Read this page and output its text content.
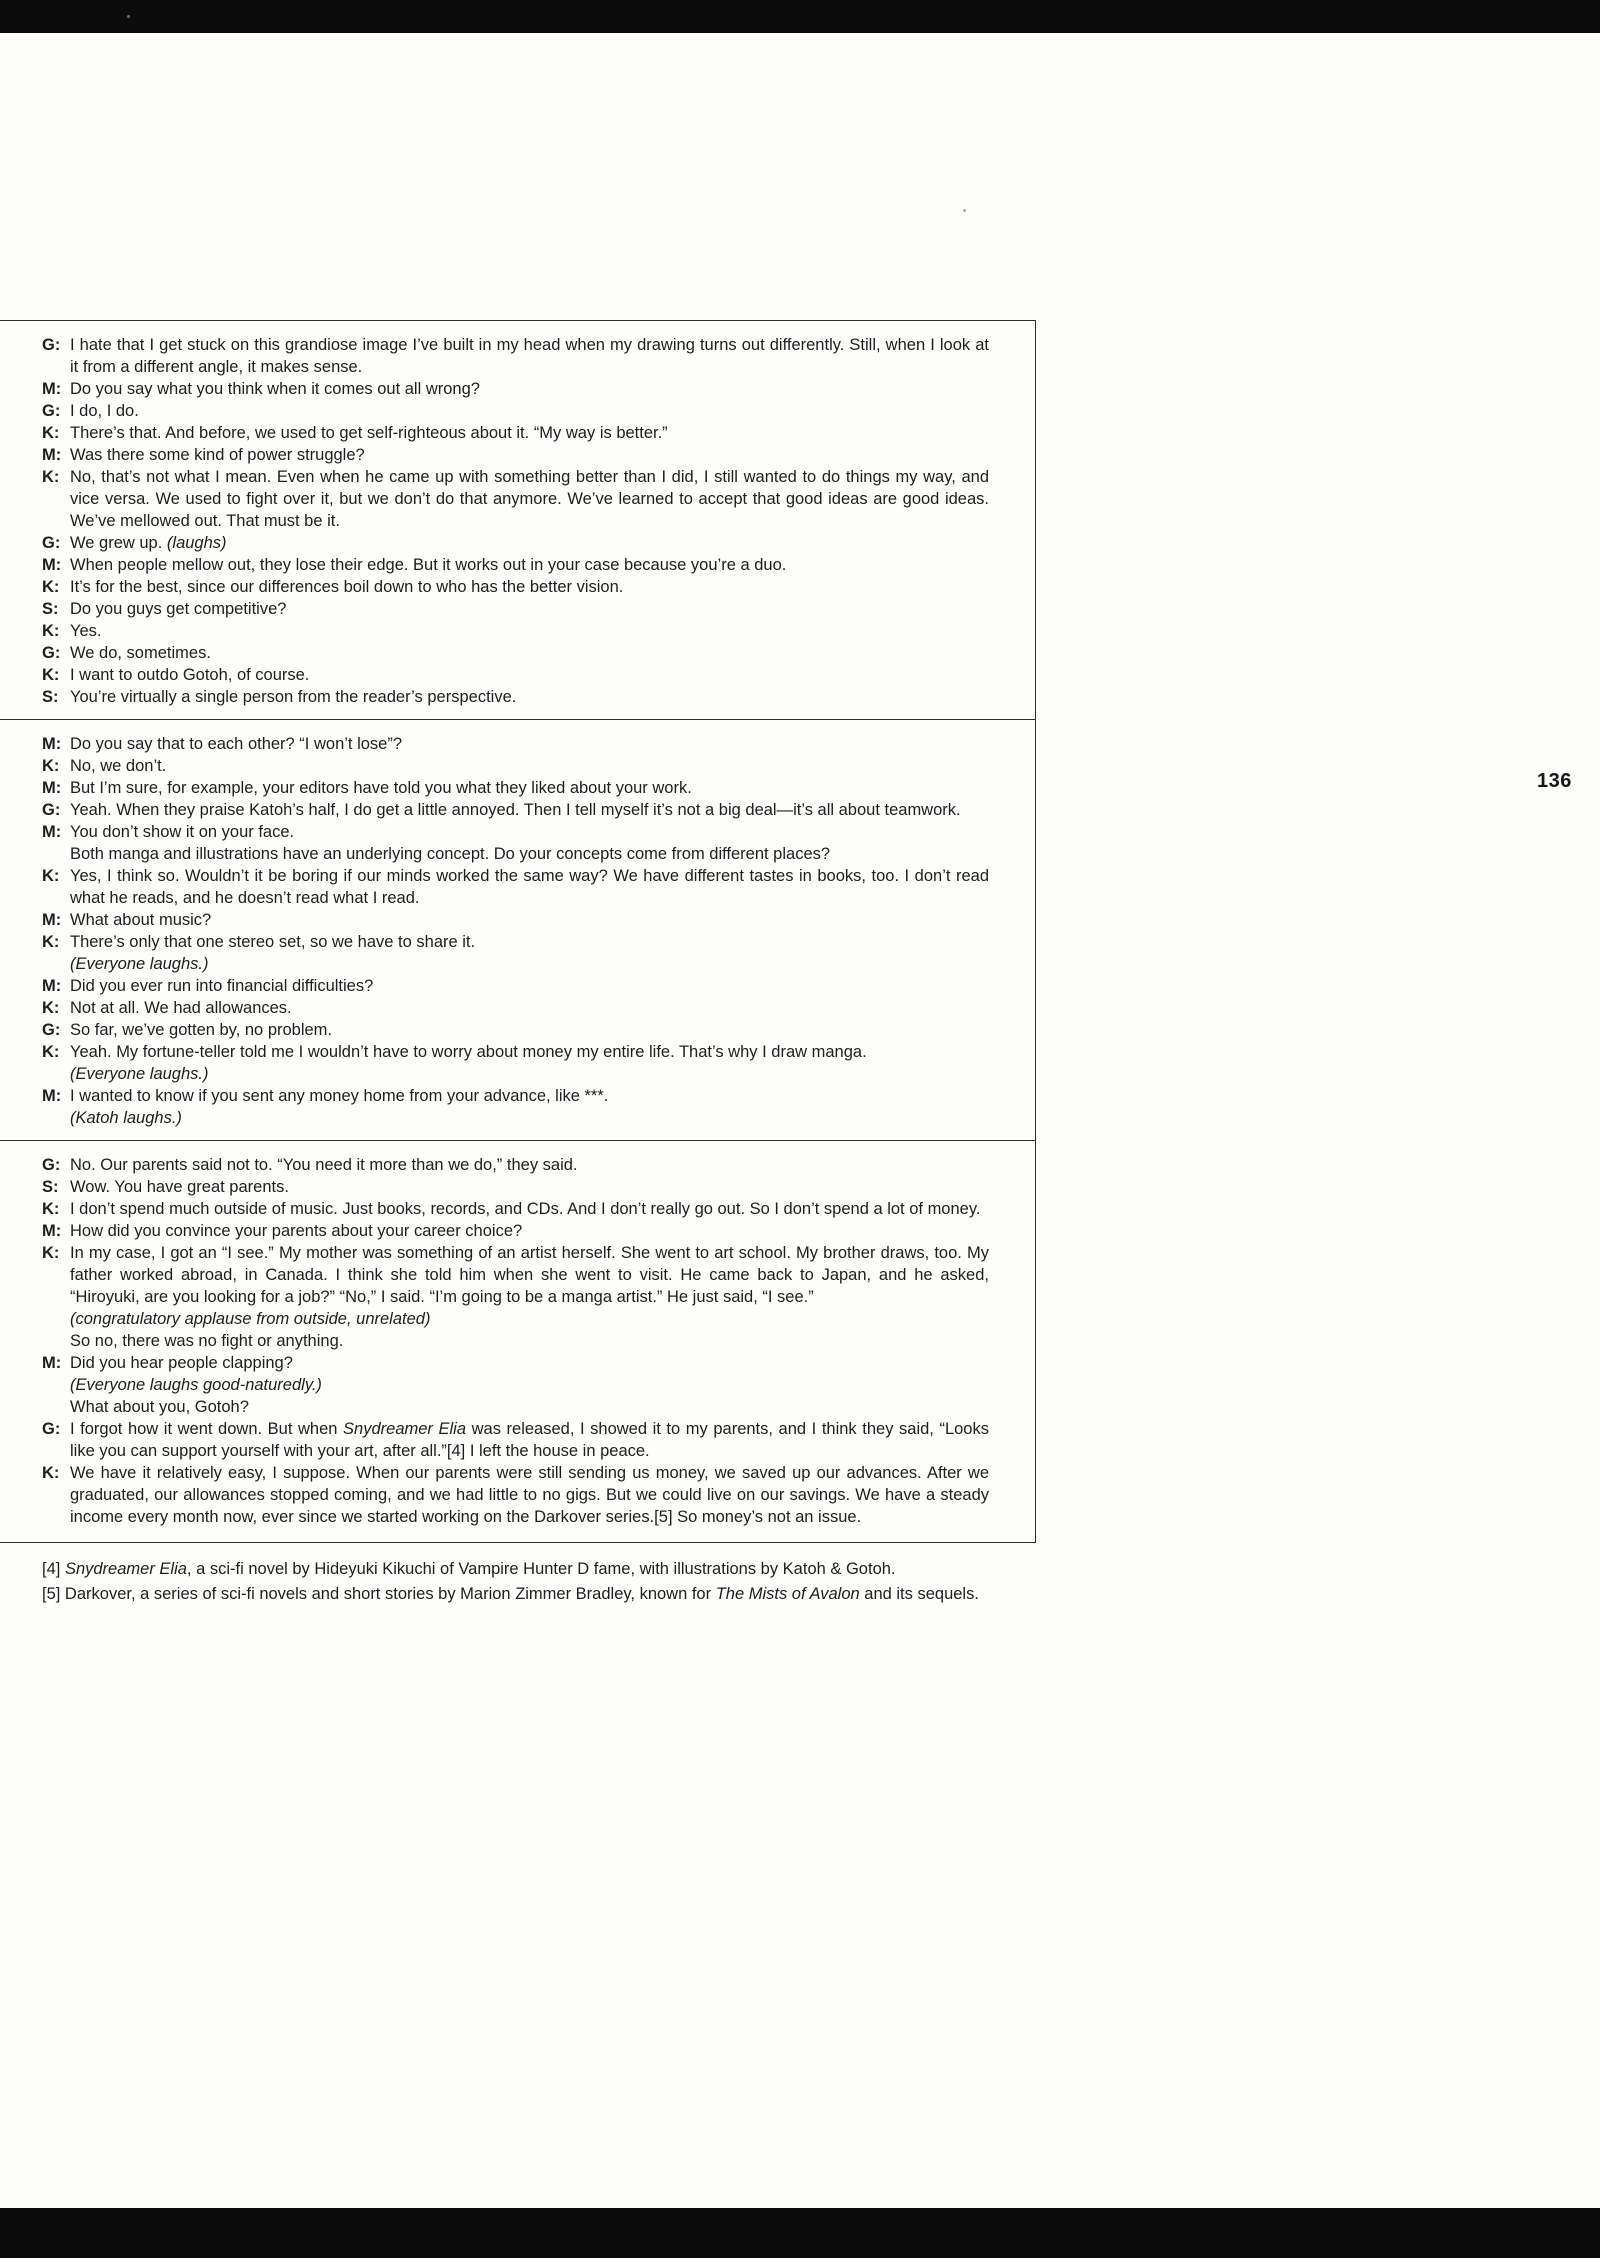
136
G: I hate that I get stuck on this grandiose image I’ve built in my head when my drawing turns out differently. Still, when I look at it from a different angle, it makes sense.
M: Do you say what you think when it comes out all wrong?
G: I do, I do.
K: There’s that. And before, we used to get self-righteous about it. “My way is better.”
M: Was there some kind of power struggle?
K: No, that’s not what I mean. Even when he came up with something better than I did, I still wanted to do things my way, and vice versa. We used to fight over it, but we don’t do that anymore. We’ve learned to accept that good ideas are good ideas. We’ve mellowed out. That must be it.
G: We grew up. (laughs)
M: When people mellow out, they lose their edge. But it works out in your case because you’re a duo.
K: It’s for the best, since our differences boil down to who has the better vision.
S: Do you guys get competitive?
K: Yes.
G: We do, sometimes.
K: I want to outdo Gotoh, of course.
S: You’re virtually a single person from the reader’s perspective.
M: Do you say that to each other? “I won’t lose”?
K: No, we don’t.
M: But I’m sure, for example, your editors have told you what they liked about your work.
G: Yeah. When they praise Katoh’s half, I do get a little annoyed. Then I tell myself it’s not a big deal—it’s all about teamwork.
M: You don’t show it on your face.
Both manga and illustrations have an underlying concept. Do your concepts come from different places?
K: Yes, I think so. Wouldn’t it be boring if our minds worked the same way? We have different tastes in books, too. I don’t read what he reads, and he doesn’t read what I read.
M: What about music?
K: There’s only that one stereo set, so we have to share it.
(Everyone laughs.)
M: Did you ever run into financial difficulties?
K: Not at all. We had allowances.
G: So far, we’ve gotten by, no problem.
K: Yeah. My fortune-teller told me I wouldn’t have to worry about money my entire life. That’s why I draw manga.
(Everyone laughs.)
M: I wanted to know if you sent any money home from your advance, like ***.
(Katoh laughs.)
G: No. Our parents said not to. “You need it more than we do,” they said.
S: Wow. You have great parents.
K: I don’t spend much outside of music. Just books, records, and CDs. And I don’t really go out. So I don’t spend a lot of money.
M: How did you convince your parents about your career choice?
K: In my case, I got an “I see.” My mother was something of an artist herself. She went to art school. My brother draws, too. My father worked abroad, in Canada. I think she told him when she went to visit. He came back to Japan, and he asked, “Hiroyuki, are you looking for a job?” “No,” I said. “I’m going to be a manga artist.” He just said, “I see.”
(congratulatory applause from outside, unrelated)
So no, there was no fight or anything.
M: Did you hear people clapping?
(Everyone laughs good-naturedly.)
What about you, Gotoh?
G: I forgot how it went down. But when Snydreamer Elia was released, I showed it to my parents, and I think they said, “Looks like you can support yourself with your art, after all.”[4] I left the house in peace.
K: We have it relatively easy, I suppose. When our parents were still sending us money, we saved up our advances. After we graduated, our allowances stopped coming, and we had little to no gigs. But we could live on our savings. We have a steady income every month now, ever since we started working on the Darkover series.[5] So money’s not an issue.
[4] Snydreamer Elia, a sci-fi novel by Hideyuki Kikuchi of Vampire Hunter D fame, with illustrations by Katoh & Gotoh.
[5] Darkover, a series of sci-fi novels and short stories by Marion Zimmer Bradley, known for The Mists of Avalon and its sequels.
